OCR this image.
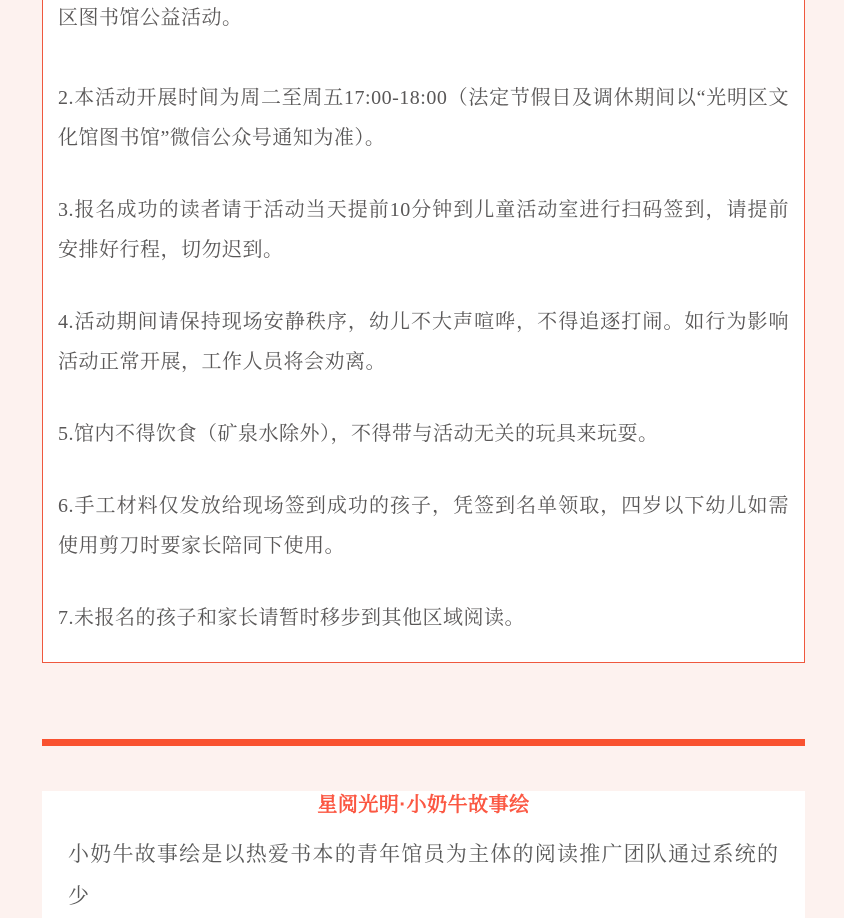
区图书馆公益活动。

2.本活动开展时间为周二至周五17:00-18:00（法定节假日及调休期间以“光明区文化馆图书馆”微信公众号通知为准）。

3.报名成功的读者请于活动当天提前10分钟到儿童活动室进行扫码签到，请提前安排好行程，切勿迟到。

4.活动期间请保持现场安静秩序，幼儿不大声喧哗，不得追逐打闹。如行为影响活动正常开展，工作人员将会劝离。

5.馆内不得饮食（矿泉水除外），不得带与活动无关的玩具来玩耍。

6.手工材料仅发放给现场签到成功的孩子，凭签到名单领取，四岁以下幼儿如需使用剪刀时要家长陪同下使用。

7.未报名的孩子和家长请暂时移步到其他区域阅读。

星阅光明·小奶牛故事绘

小奶牛故事绘是以热爱书本的青年馆员为主体的阅读推广团队通过系统的少
